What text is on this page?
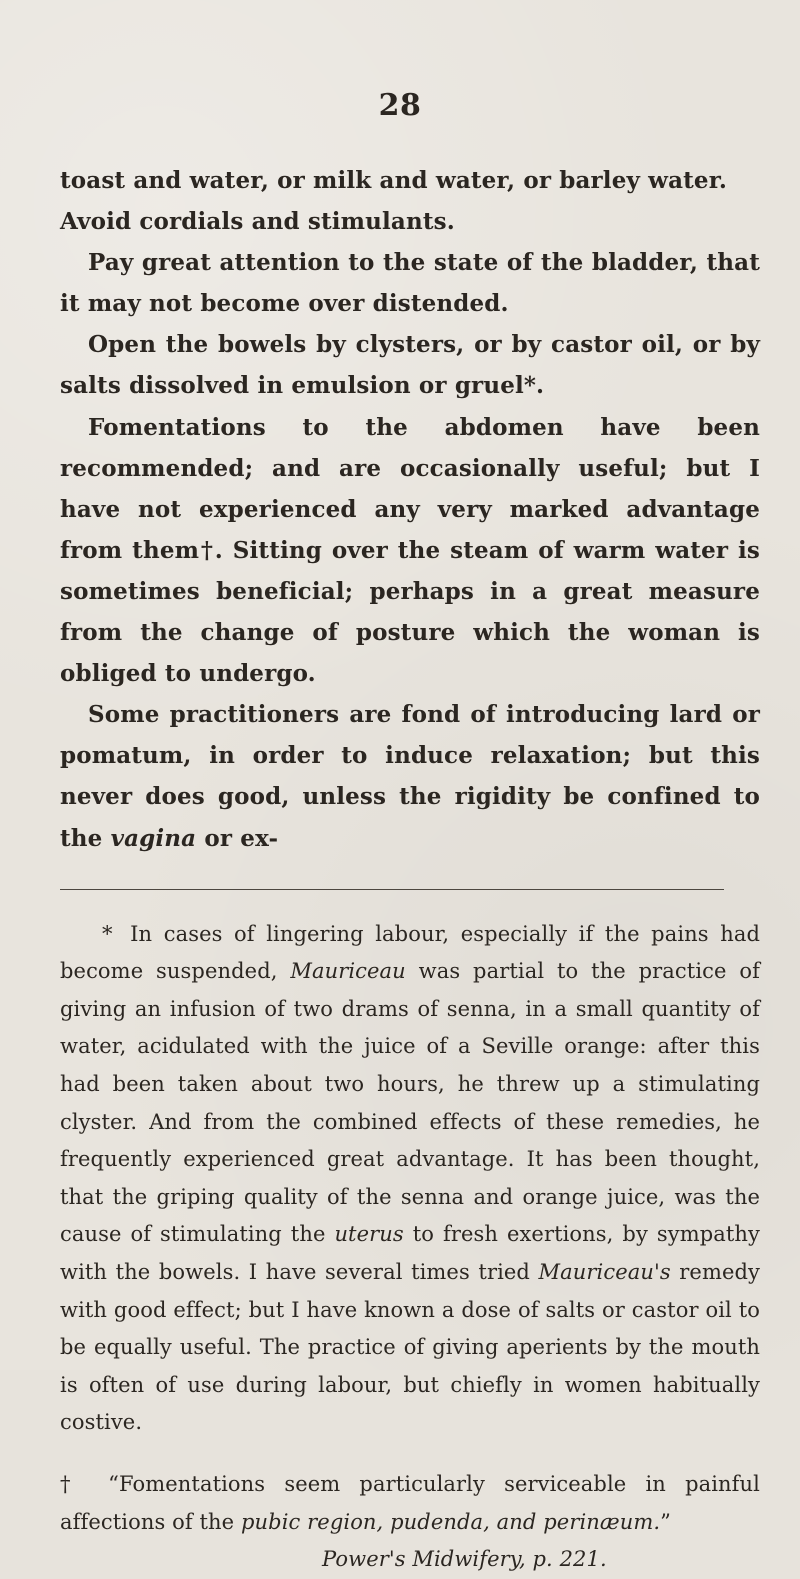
28

toast and water, or milk and water, or barley water.
Avoid cordials and stimulants.

Pay great attention to the state of the bladder, that it may not become over distended.

Open the bowels by clysters, or by castor oil, or by salts dissolved in emulsion or gruel*.

Fomentations to the abdomen have been recommended; and are occasionally useful; but I have not experienced any very marked advantage from them†. Sitting over the steam of warm water is sometimes beneficial; perhaps in a great measure from the change of posture which the woman is obliged to undergo.

Some practitioners are fond of introducing lard or pomatum, in order to induce relaxation; but this never does good, unless the rigidity be confined to the vagina or ex-

* In cases of lingering labour, especially if the pains had become suspended, Mauriceau was partial to the practice of giving an infusion of two drams of senna, in a small quantity of water, acidulated with the juice of a Seville orange: after this had been taken about two hours, he threw up a stimulating clyster. And from the combined effects of these remedies, he frequently experienced great advantage. It has been thought, that the griping quality of the senna and orange juice, was the cause of stimulating the uterus to fresh exertions, by sympathy with the bowels. I have several times tried Mauriceau's remedy with good effect; but I have known a dose of salts or castor oil to be equally useful. The practice of giving aperients by the mouth is often of use during labour, but chiefly in women habitually costive.

† “Fomentations seem particularly serviceable in painful affections of the pubic region, pudenda, and perinæum.”
Power's Midwifery, p. 221.
